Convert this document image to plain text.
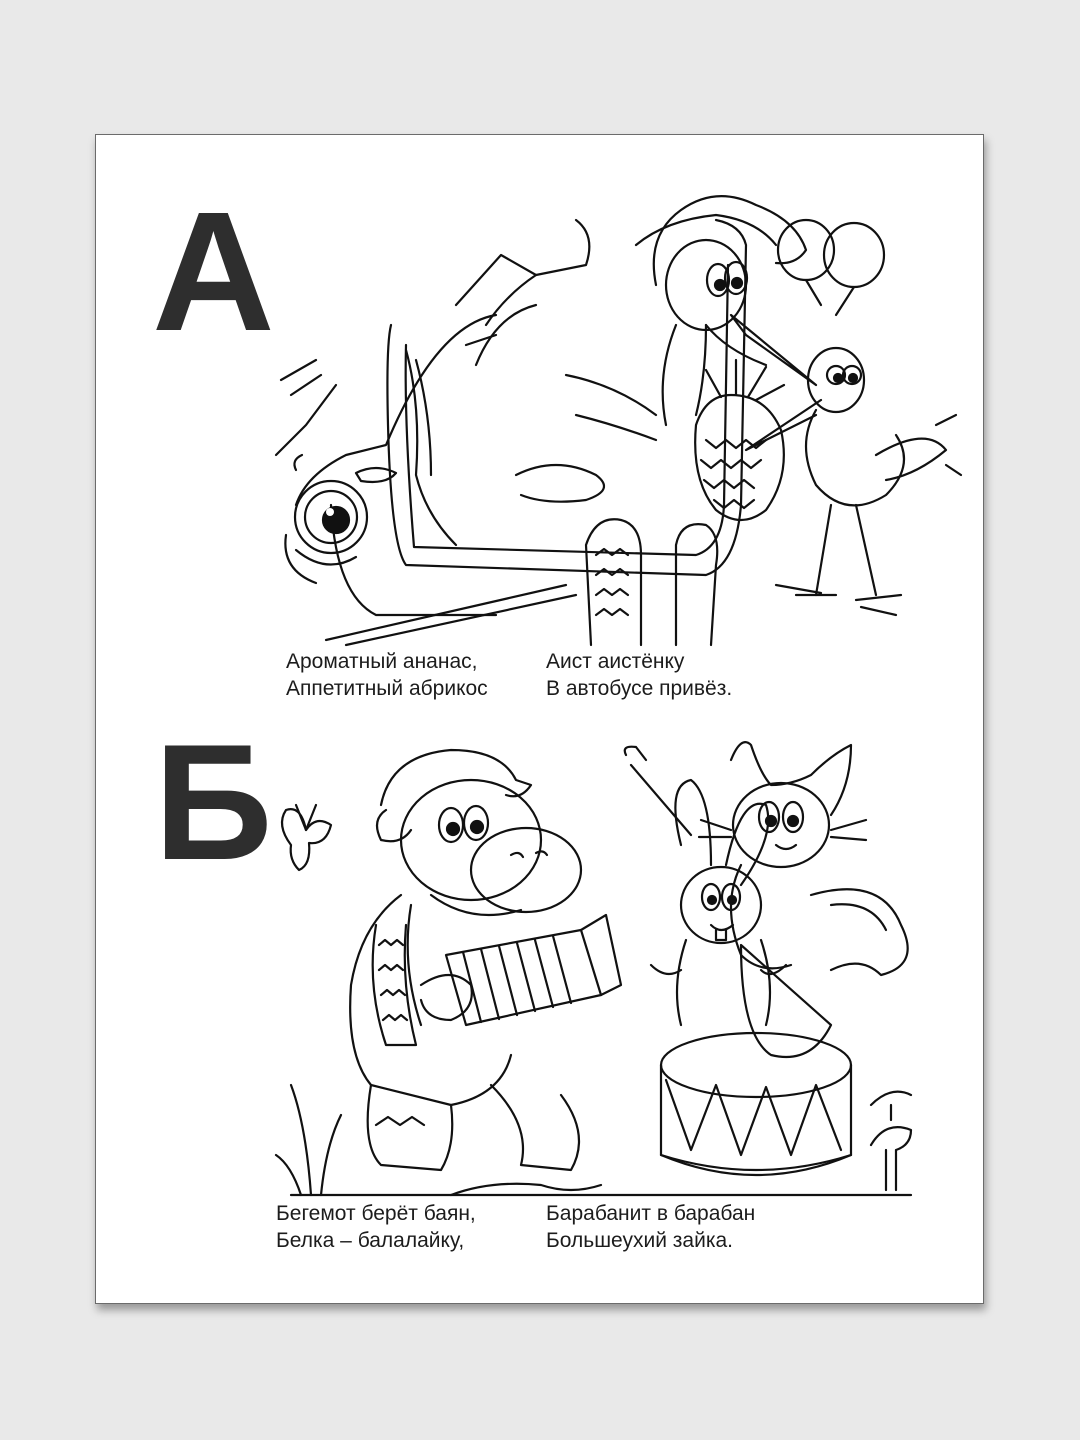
А
Ароматный ананас,
Аппетитный абрикос
Аист аистёнку
В автобусе привёз.
Б
Бегемот берёт баян,
Белка – балалайку,
Барабанит в барабан
Большеухий зайка.
